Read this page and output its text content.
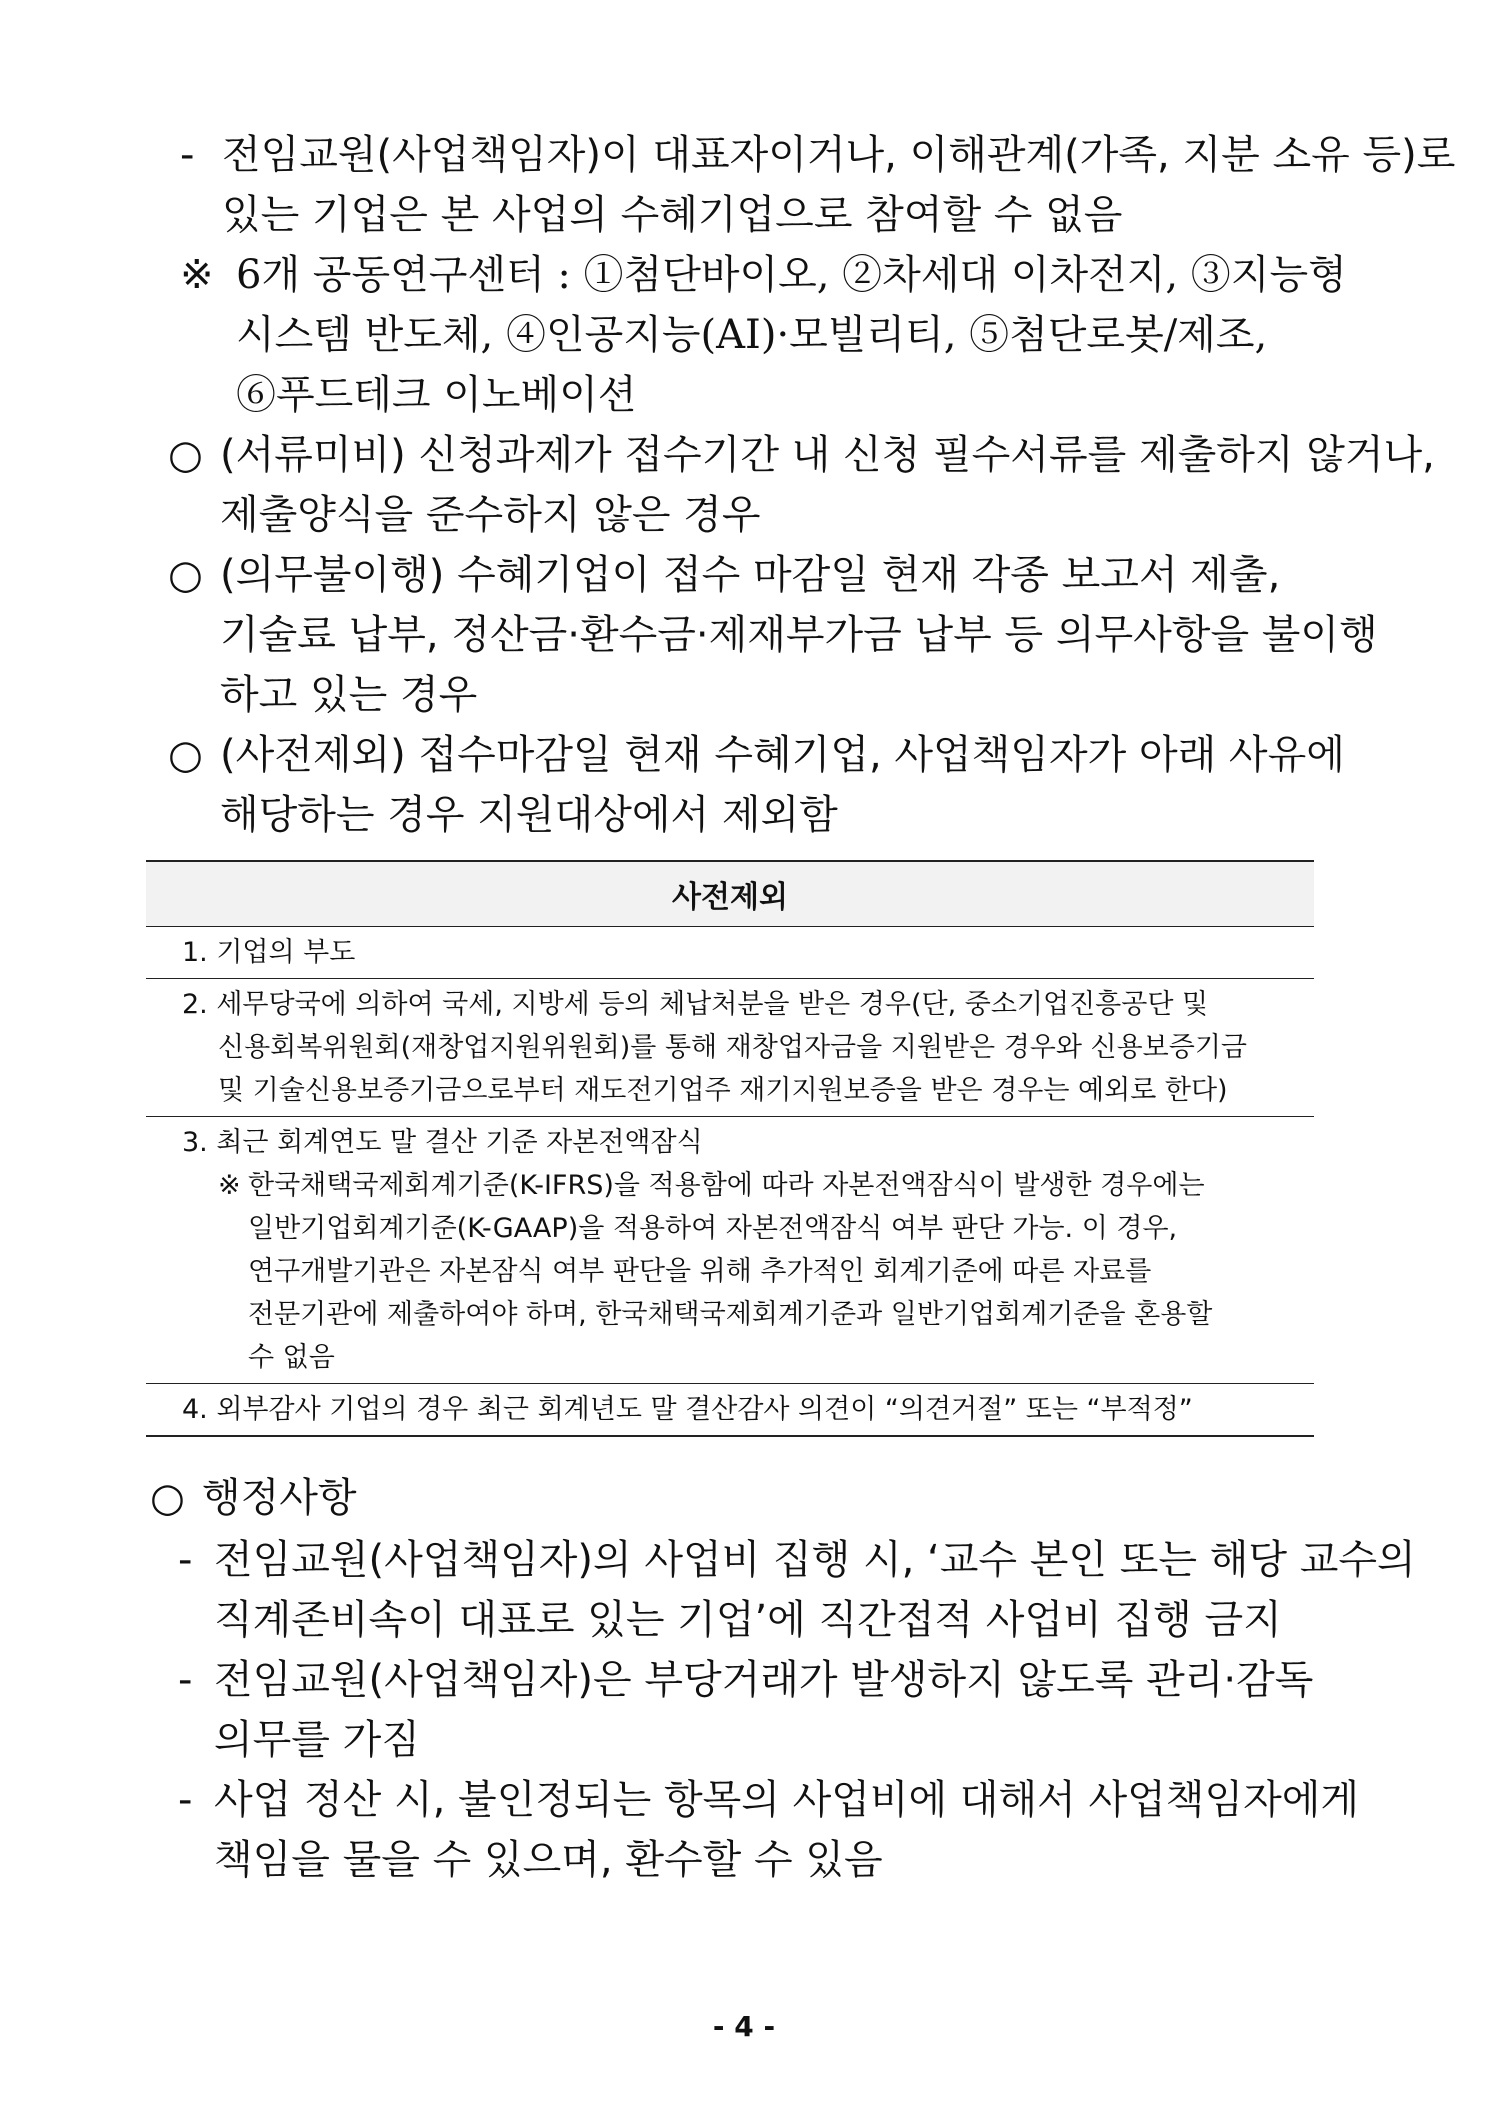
- 전임교원(사업책임자)이 대표자이거나, 이해관계(가족, 지분 소유 등)로
있는 기업은 본 사업의 수혜기업으로 참여할 수 없음
※ 6개 공동연구센터 : ①첨단바이오, ②차세대 이차전지, ③지능형
시스템 반도체, ④인공지능(AI)·모빌리티, ⑤첨단로봇/제조,
⑥푸드테크 이노베이션
○ (서류미비) 신청과제가 접수기간 내 신청 필수서류를 제출하지 않거나,
제출양식을 준수하지 않은 경우
○ (의무불이행) 수혜기업이 접수 마감일 현재 각종 보고서 제출,
기술료 납부, 정산금·환수금·제재부가금 납부 등 의무사항을 불이행
하고 있는 경우
○ (사전제외) 접수마감일 현재 수혜기업, 사업책임자가 아래 사유에
해당하는 경우 지원대상에서 제외함
사전제외

1. 기업의 부도

2. 세무당국에 의하여 국세, 지방세 등의 체납처분을 받은 경우(단, 중소기업진흥공단 및
신용회복위원회(재창업지원위원회)를 통해 재창업자금을 지원받은 경우와 신용보증기금
및 기술신용보증기금으로부터 재도전기업주 재기지원보증을 받은 경우는 예외로 한다)

3. 최근 회계연도 말 결산 기준 자본전액잠식
※ 한국채택국제회계기준(K-IFRS)을 적용함에 따라 자본전액잠식이 발생한 경우에는
일반기업회계기준(K-GAAP)을 적용하여 자본전액잠식 여부 판단 가능. 이 경우,
연구개발기관은 자본잠식 여부 판단을 위해 추가적인 회계기준에 따른 자료를
전문기관에 제출하여야 하며, 한국채택국제회계기준과 일반기업회계기준을 혼용할
수 없음

4. 외부감사 기업의 경우 최근 회계년도 말 결산감사 의견이 “의견거절” 또는 “부적정”
○ 행정사항
- 전임교원(사업책임자)의 사업비 집행 시, ‘교수 본인 또는 해당 교수의
직계존비속이 대표로 있는 기업’에 직간접적 사업비 집행 금지
- 전임교원(사업책임자)은 부당거래가 발생하지 않도록 관리·감독
의무를 가짐
- 사업 정산 시, 불인정되는 항목의 사업비에 대해서 사업책임자에게
책임을 물을 수 있으며, 환수할 수 있음
- 4 -
